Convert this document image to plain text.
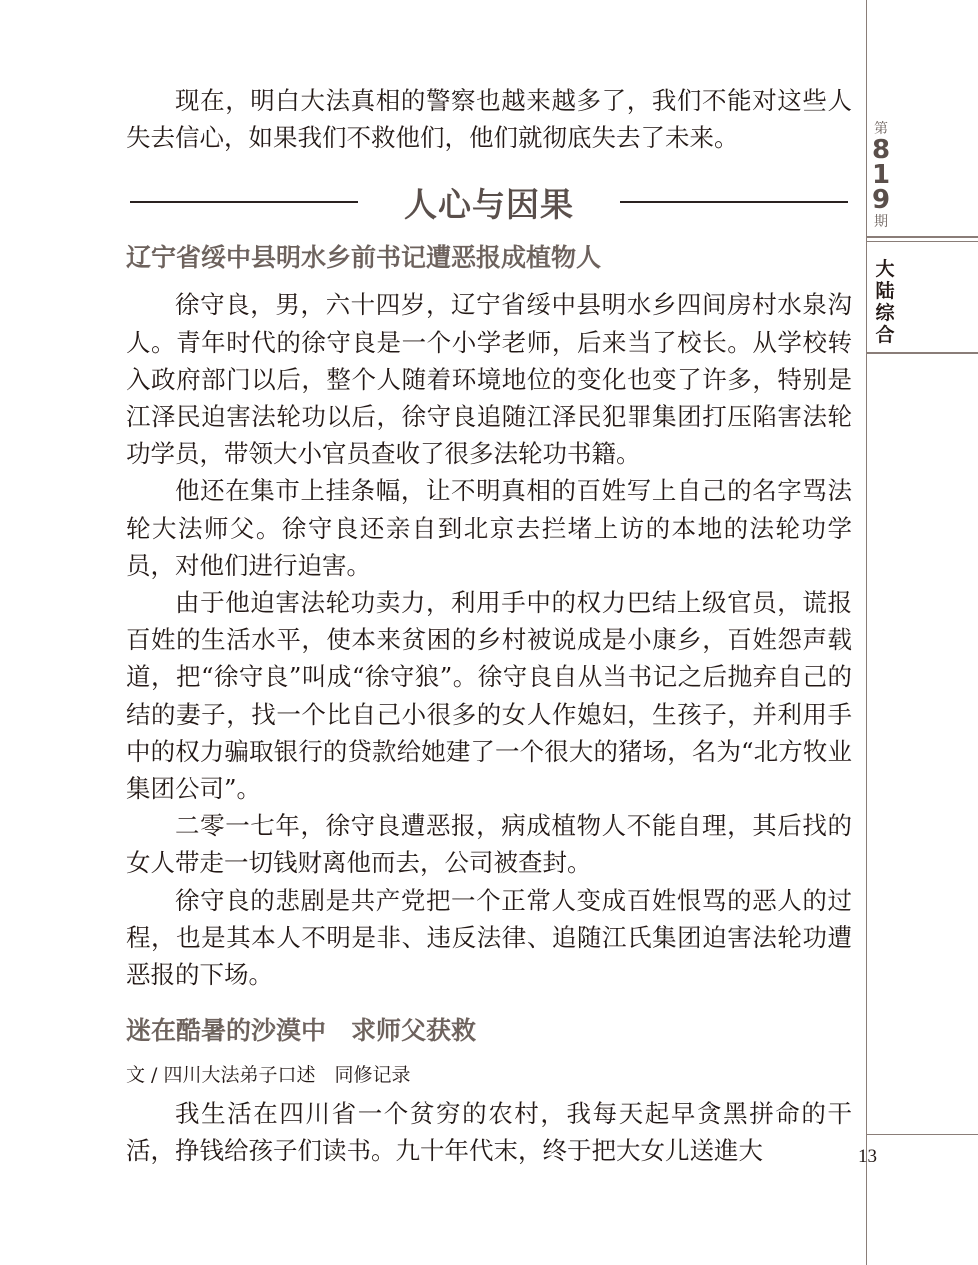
第
8
1
9
期
大
陆
综
合
13

现在，明白大法真相的警察也越来越多了，我们不能对这些人失去信心，如果我们不救他们，他们就彻底失去了未来。

人心与因果
辽宁省绥中县明水乡前书记遭恶报成植物人

徐守良，男，六十四岁，辽宁省绥中县明水乡四间房村水泉沟人。青年时代的徐守良是一个小学老师，后来当了校长。从学校转入政府部门以后，整个人随着环境地位的变化也变了许多，特别是江泽民迫害法轮功以后，徐守良追随江泽民犯罪集团打压陷害法轮功学员，带领大小官员查收了很多法轮功书籍。

他还在集市上挂条幅，让不明真相的百姓写上自己的名字骂法轮大法师父。徐守良还亲自到北京去拦堵上访的本地的法轮功学员，对他们进行迫害。

由于他迫害法轮功卖力，利用手中的权力巴结上级官员，谎报百姓的生活水平，使本来贫困的乡村被说成是小康乡，百姓怨声载道，把“徐守良”叫成“徐守狼”。徐守良自从当书记之后抛弃自己的结的妻子，找一个比自己小很多的女人作媳妇，生孩子，并利用手中的权力骗取银行的贷款给她建了一个很大的猪场，名为“北方牧业集团公司”。

二零一七年，徐守良遭恶报，病成植物人不能自理，其后找的女人带走一切钱财离他而去，公司被查封。

徐守良的悲剧是共产党把一个正常人变成百姓恨骂的恶人的过程，也是其本人不明是非、违反法律、追随江氏集团迫害法轮功遭恶报的下场。

迷在酷暑的沙漠中　求师父获救
文 / 四川大法弟子口述　同修记录

我生活在四川省一个贫穷的农村，我每天起早贪黑拼命的干活，挣钱给孩子们读书。九十年代末，终于把大女儿送進大
